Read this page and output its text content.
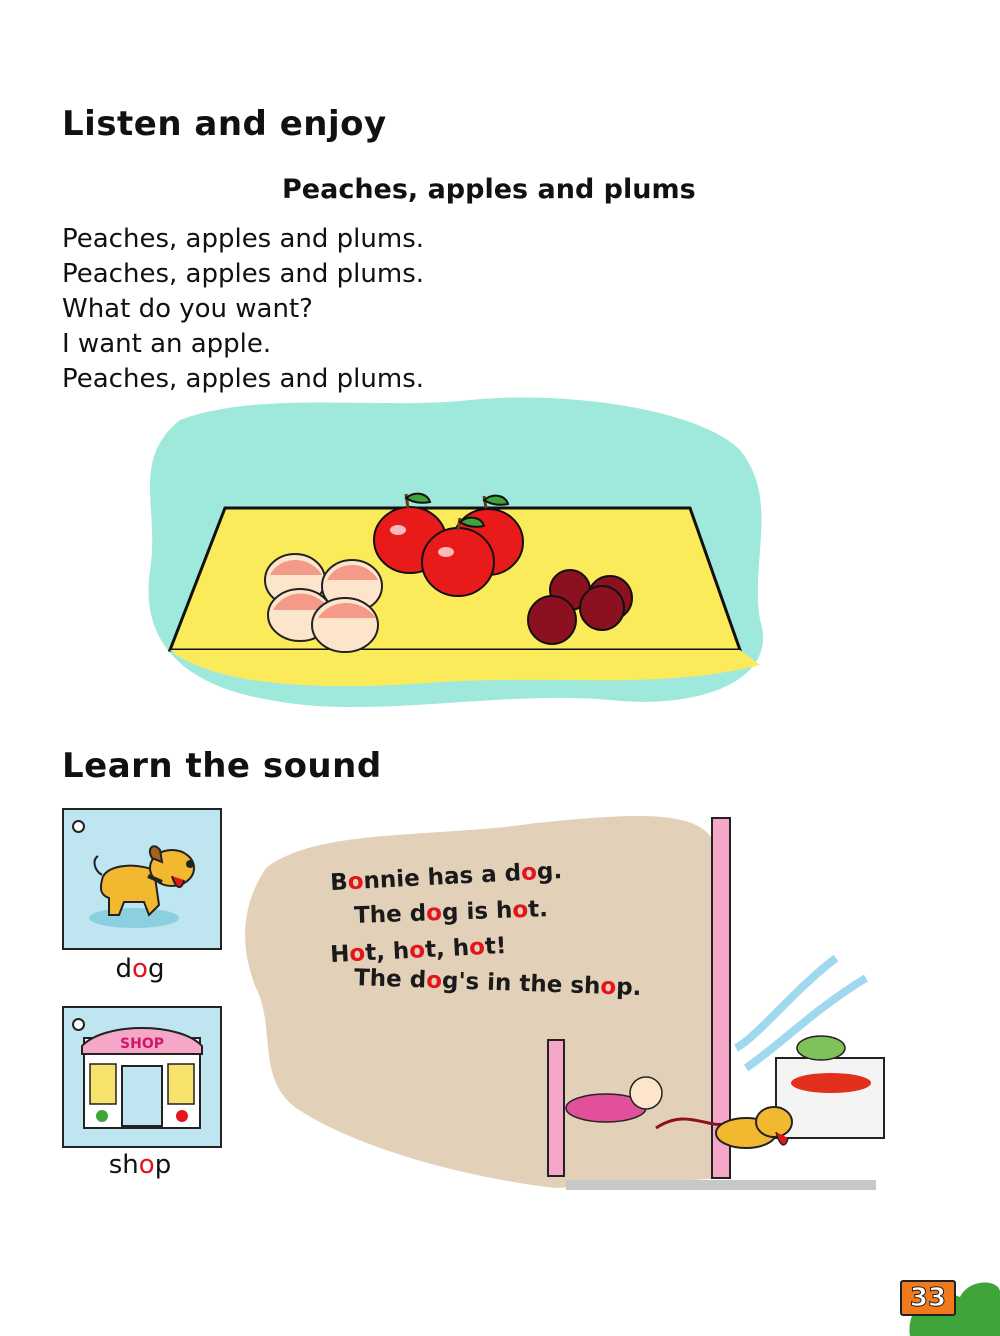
Listen and enjoy
Peaches, apples and plums
Peaches, apples and plums.
Peaches, apples and plums.
What do you want?
I want an apple.
Peaches, apples and plums.
Learn the sound
dog
SHOP
shop
Bonnie has a dog.
The dog is hot.
Hot, hot, hot!
The dog's in the shop.
33
